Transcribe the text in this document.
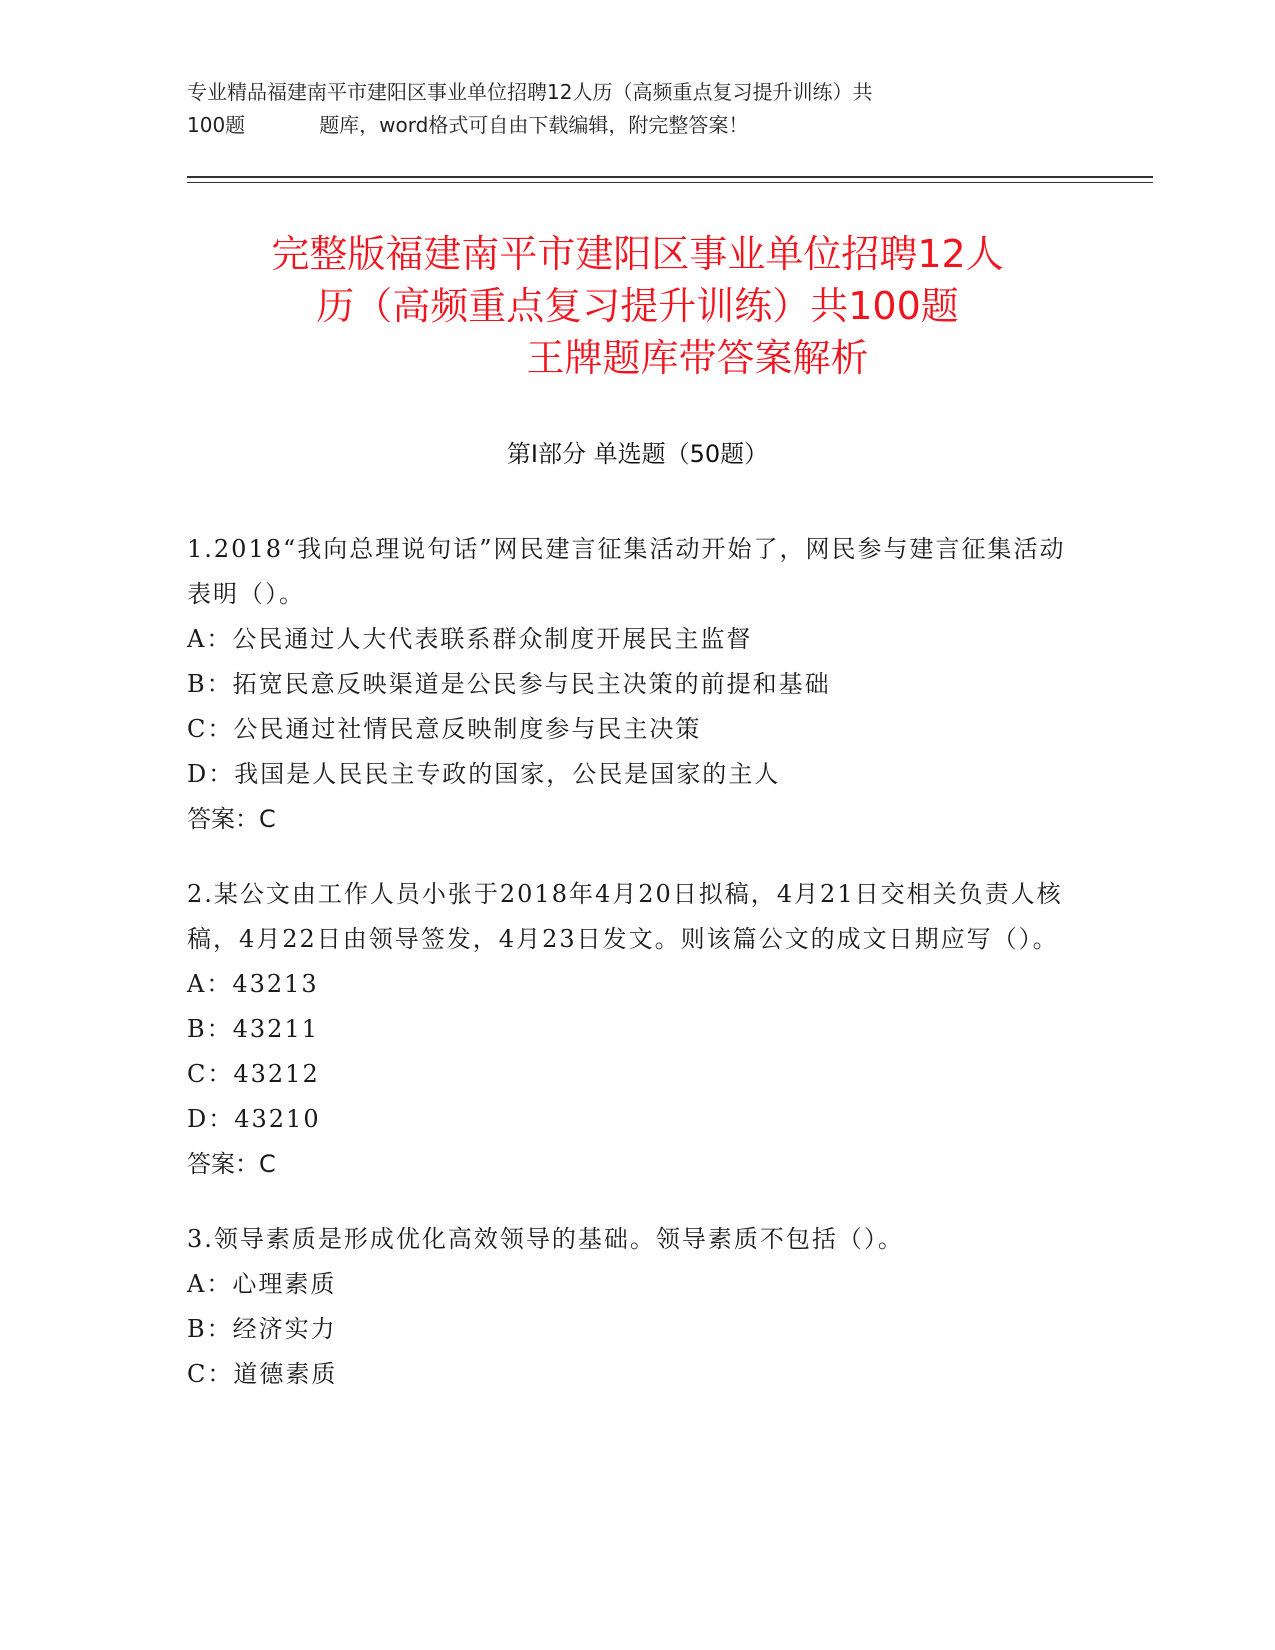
专业精品福建南平市建阳区事业单位招聘12人历（高频重点复习提升训练）共
100题	题库，word格式可自由下载编辑，附完整答案！
完整版福建南平市建阳区事业单位招聘12人
历（高频重点复习提升训练）共100题
王牌题库带答案解析
第Ⅰ部分 单选题（50题）

1.2018“我向总理说句话”网民建言征集活动开始了，网民参与建言征集活动表明（）。

A：公民通过人大代表联系群众制度开展民主监督

B：拓宽民意反映渠道是公民参与民主决策的前提和基础

C：公民通过社情民意反映制度参与民主决策

D：我国是人民民主专政的国家，公民是国家的主人

答案：C

2.某公文由工作人员小张于2018年4月20日拟稿，4月21日交相关负责人核稿，4月22日由领导签发，4月23日发文。则该篇公文的成文日期应写（）。

A：43213

B：43211

C：43212

D：43210

答案：C

3.领导素质是形成优化高效领导的基础。领导素质不包括（）。

A：心理素质

B：经济实力

C：道德素质
